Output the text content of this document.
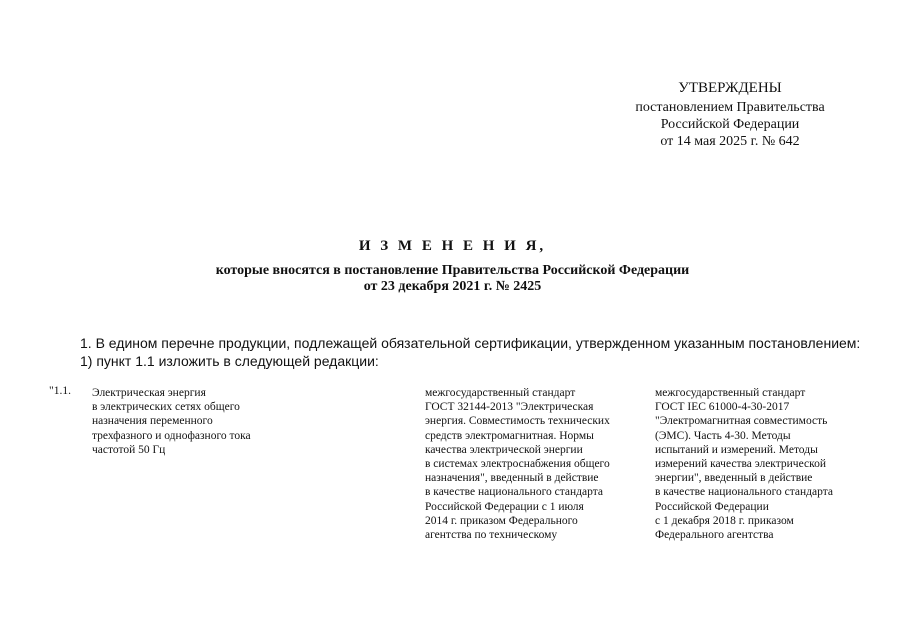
УТВЕРЖДЕНЫ
постановлением Правительства
Российской Федерации
от 14 мая 2025 г. № 642
И З М Е Н Е Н И Я,
которые вносятся в постановление Правительства Российской Федерации
от 23 декабря 2021 г. № 2425
1. В едином перечне продукции, подлежащей обязательной сертификации, утвержденном указанным постановлением:
1) пункт 1.1 изложить в следующей редакции:
"1.1. Электрическая энергия
в электрических сетях общего
назначения переменного
трехфазного и однофазного тока
частотой 50 Гц
межгосударственный стандарт
ГОСТ 32144-2013 "Электрическая
энергия. Совместимость технических
средств электромагнитная. Нормы
качества электрической энергии
в системах электроснабжения общего
назначения", введенный в действие
в качестве национального стандарта
Российской Федерации с 1 июля
2014 г. приказом Федерального
агентства по техническому
межгосударственный стандарт
ГОСТ IEC 61000-4-30-2017
"Электромагнитная совместимость
(ЭМС). Часть 4-30. Методы
испытаний и измерений. Методы
измерений качества электрической
энергии", введенный в действие
в качестве национального стандарта
Российской Федерации
с 1 декабря 2018 г. приказом
Федерального агентства
